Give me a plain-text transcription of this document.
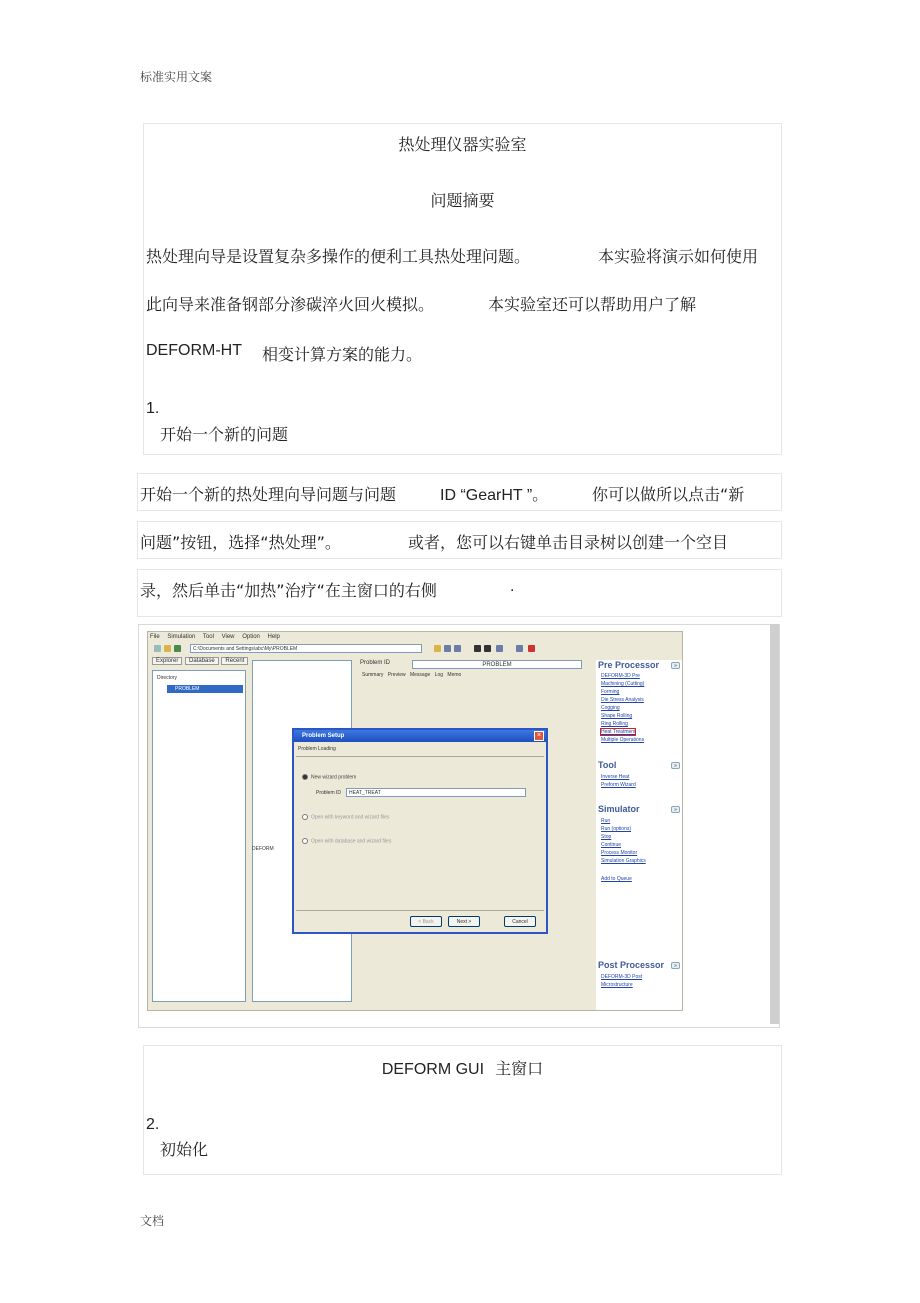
标准实用文案
热处理仪器实验室
问题摘要
热处理向导是设置复杂多操作的便利工具热处理问题。	本实验将演示如何使用
此向导来准备钢部分渗碳淬火回火模拟。	本实验室还可以帮助用户了解
DEFORM-HT 相变计算方案的能力。
1.
开始一个新的问题
开始一个新的热处理向导问题与问题	ID “GearHT ”。	你可以做所以点击“新
问题”按钮，选择“热处理”。	或者，您可以右键单击目录树以创建一个空目
录，然后单击“加热”治疗“在主窗口的右侧	.
File Simulation Tool View Option Help
C:\Documents and Settings\abc\My\PROBLEM
Explorer Database Recent
Directory
PROBLEM
DEFORM
Problem ID	PROBLEM
Summary Preview Message Log Memo
Pre Processor	»
DEFORM-3D Pre
Machining (Cutting)
Forming
Die Stress Analysis
Cogging
Shape Rolling
Ring Rolling
Heat Treatment
Multiple Operations
Tool	»
Inverse Heat
Preform Wizard
Simulator	»
Run
Run (options)
Stop
Continue
Process Monitor
Simulation Graphics
Add to Queue
Post Processor	»
DEFORM-3D Post
Microstructure
Problem Setup	×
Problem Loading
New wizard problem
Problem ID	HEAT_TREAT
Open with keyword and wizard files
Open with database and wizard files
< Back	Next >	Cancel
DEFORM GUI 主窗口
2.
初始化
文档
